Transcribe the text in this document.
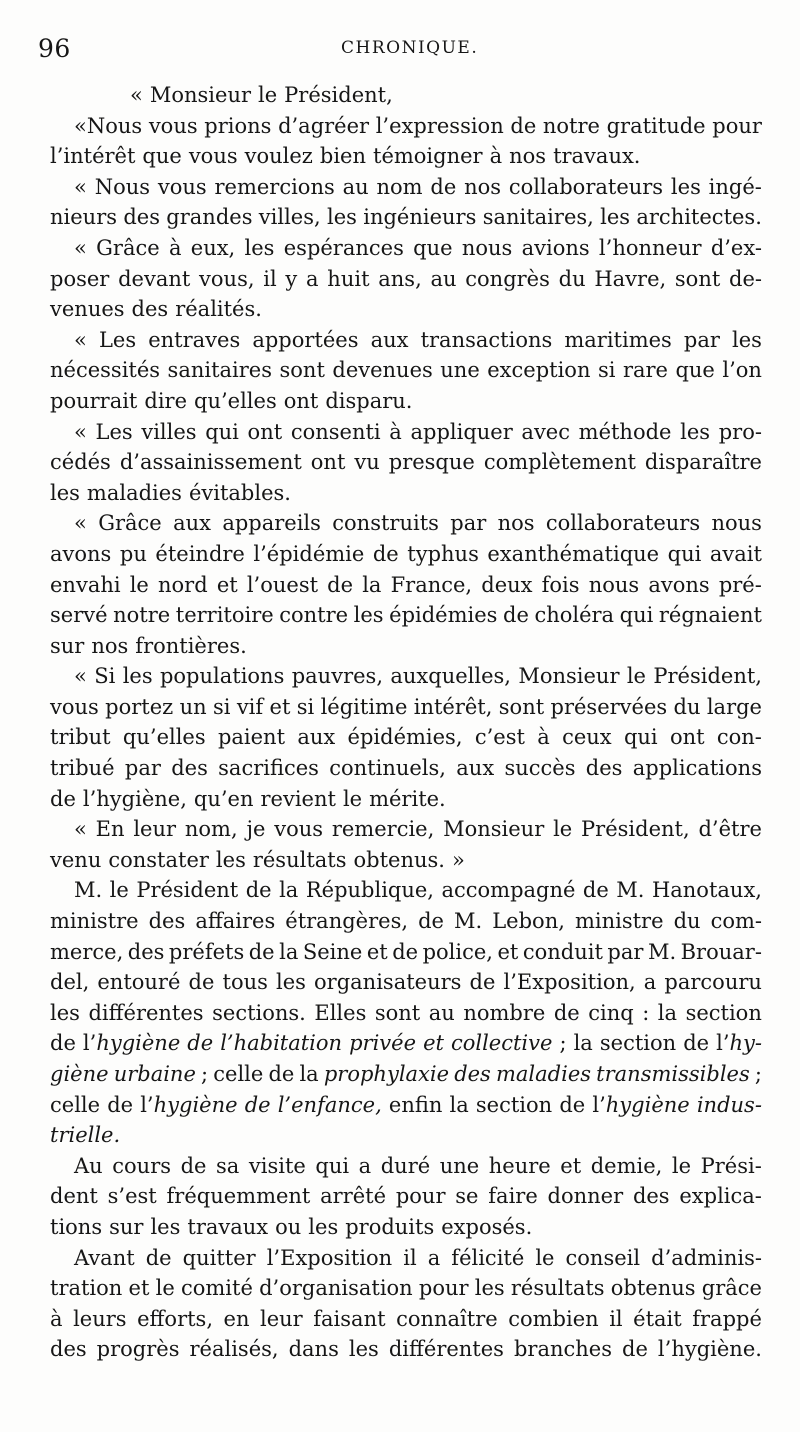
96	CHRONIQUE.
« Monsieur le Président,
«Nous vous prions d’agréer l’expression de notre gratitude pour
l’intérêt que vous voulez bien témoigner à nos travaux.
« Nous vous remercions au nom de nos collaborateurs les ingé-
nieurs des grandes villes, les ingénieurs sanitaires, les architectes.
« Grâce à eux, les espérances que nous avions l’honneur d’ex-
poser devant vous, il y a huit ans, au congrès du Havre, sont de-
venues des réalités.
« Les entraves apportées aux transactions maritimes par les
nécessités sanitaires sont devenues une exception si rare que l’on
pourrait dire qu’elles ont disparu.
« Les villes qui ont consenti à appliquer avec méthode les pro-
cédés d’assainissement ont vu presque complètement disparaître
les maladies évitables.
« Grâce aux appareils construits par nos collaborateurs nous
avons pu éteindre l’épidémie de typhus exanthématique qui avait
envahi le nord et l’ouest de la France, deux fois nous avons pré-
servé notre territoire contre les épidémies de choléra qui régnaient
sur nos frontières.
« Si les populations pauvres, auxquelles, Monsieur le Président,
vous portez un si vif et si légitime intérêt, sont préservées du large
tribut qu’elles paient aux épidémies, c’est à ceux qui ont con-
tribué par des sacrifices continuels, aux succès des applications
de l’hygiène, qu’en revient le mérite.
« En leur nom, je vous remercie, Monsieur le Président, d’être
venu constater les résultats obtenus. »
M. le Président de la République, accompagné de M. Hanotaux,
ministre des affaires étrangères, de M. Lebon, ministre du com-
merce, des préfets de la Seine et de police, et conduit par M. Brouar-
del, entouré de tous les organisateurs de l’Exposition, a parcouru
les différentes sections. Elles sont au nombre de cinq : la section
de l’hygiène de l’habitation privée et collective ; la section de l’hy-
giène urbaine ; celle de la prophylaxie des maladies transmissibles ;
celle de l’hygiène de l’enfance, enfin la section de l’hygiène indus-
trielle.
Au cours de sa visite qui a duré une heure et demie, le Prési-
dent s’est fréquemment arrêté pour se faire donner des explica-
tions sur les travaux ou les produits exposés.
Avant de quitter l’Exposition il a félicité le conseil d’adminis-
tration et le comité d’organisation pour les résultats obtenus grâce
à leurs efforts, en leur faisant connaître combien il était frappé
des progrès réalisés, dans les différentes branches de l’hygiène.
